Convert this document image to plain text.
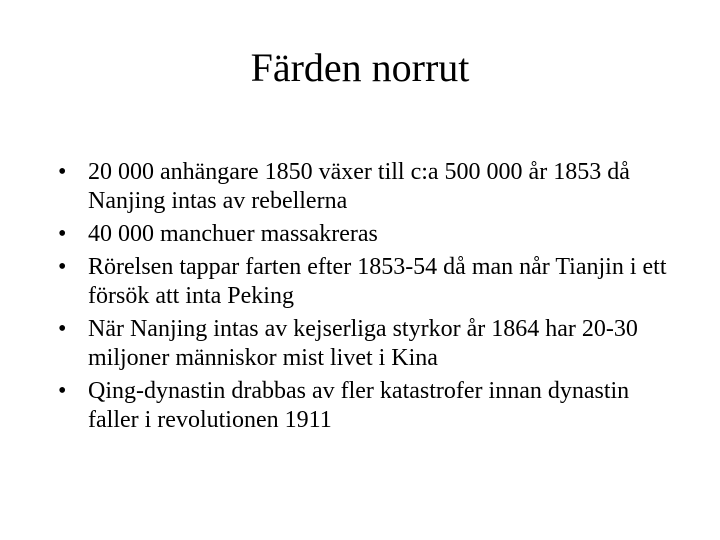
Färden norrut
• 20 000 anhängare 1850 växer till c:a 500 000 år 1853 då Nanjing intas av rebellerna
• 40 000 manchuer massakreras
• Rörelsen tappar farten efter 1853-54 då man når Tianjin i ett försök att inta Peking
• När Nanjing intas av kejserliga styrkor år 1864 har 20-30 miljoner människor mist livet i Kina
• Qing-dynastin drabbas av fler katastrofer innan dynastin faller i revolutionen 1911
